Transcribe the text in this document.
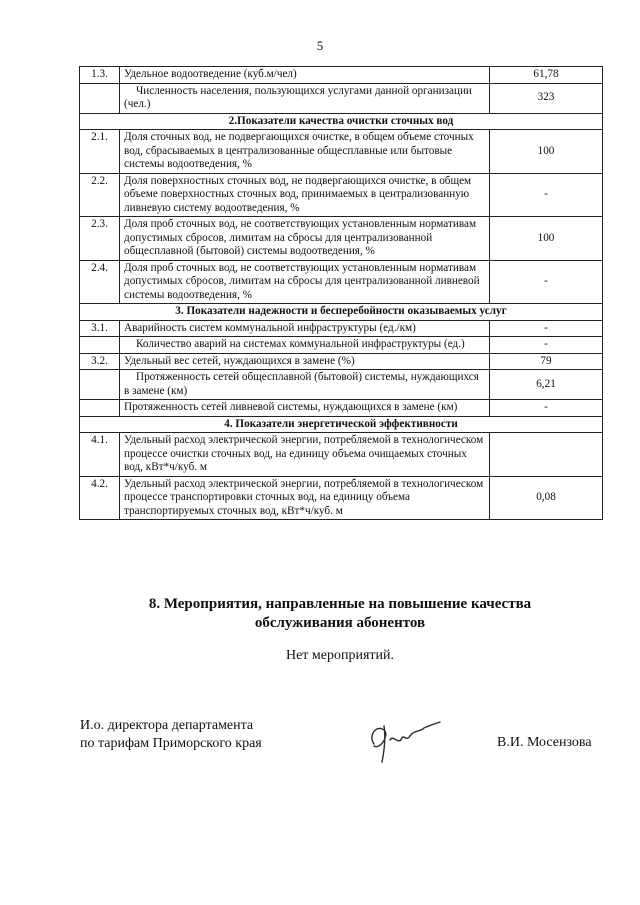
5
1.3.	Удельное водоотведение (куб.м/чел)	61,78
	Численность населения, пользующихся услугами данной организации (чел.)	323
2.Показатели качества очистки сточных вод		
2.1.	Доля сточных вод, не подвергающихся очистке, в общем объеме сточных вод, сбрасываемых в централизованные общесплавные или бытовые системы водоотведения, %	100
2.2.	Доля поверхностных сточных вод, не подвергающихся очистке, в общем объеме поверхностных сточных вод, принимаемых в централизованную ливневую систему водоотведения, %	-
2.3.	Доля проб сточных вод, не соответствующих установленным нормативам допустимых сбросов, лимитам на сбросы для централизованной общесплавной (бытовой) системы водоотведения, %	100
2.4.	Доля проб сточных вод, не соответствующих установленным нормативам допустимых сбросов, лимитам на сбросы для централизованной ливневой системы водоотведения, %	-
3. Показатели надежности и бесперебойности оказываемых услуг		
3.1.	Аварийность систем коммунальной инфраструктуры (ед./км)	-
	Количество аварий на системах коммунальной инфраструктуры (ед.)	-
3.2.	Удельный вес сетей, нуждающихся в замене (%)	79
	Протяженность сетей общесплавной (бытовой) системы, нуждающихся в замене (км)	6,21
	Протяженность сетей ливневой системы, нуждающихся в замене (км)	-
4. Показатели энергетической эффективности		
4.1.	Удельный расход электрической энергии, потребляемой в технологическом процессе очистки сточных вод, на единицу объема очищаемых сточных вод, кВт*ч/куб. м	
4.2.	Удельный расход электрической энергии, потребляемой в технологическом процессе транспортировки сточных вод, на единицу объема транспортируемых сточных вод, кВт*ч/куб. м	0,08
8. Мероприятия, направленные на повышение качества
обслуживания абонентов
Нет мероприятий.
И.о. директора департамента
по тарифам Приморского края	В.И. Мосензова
